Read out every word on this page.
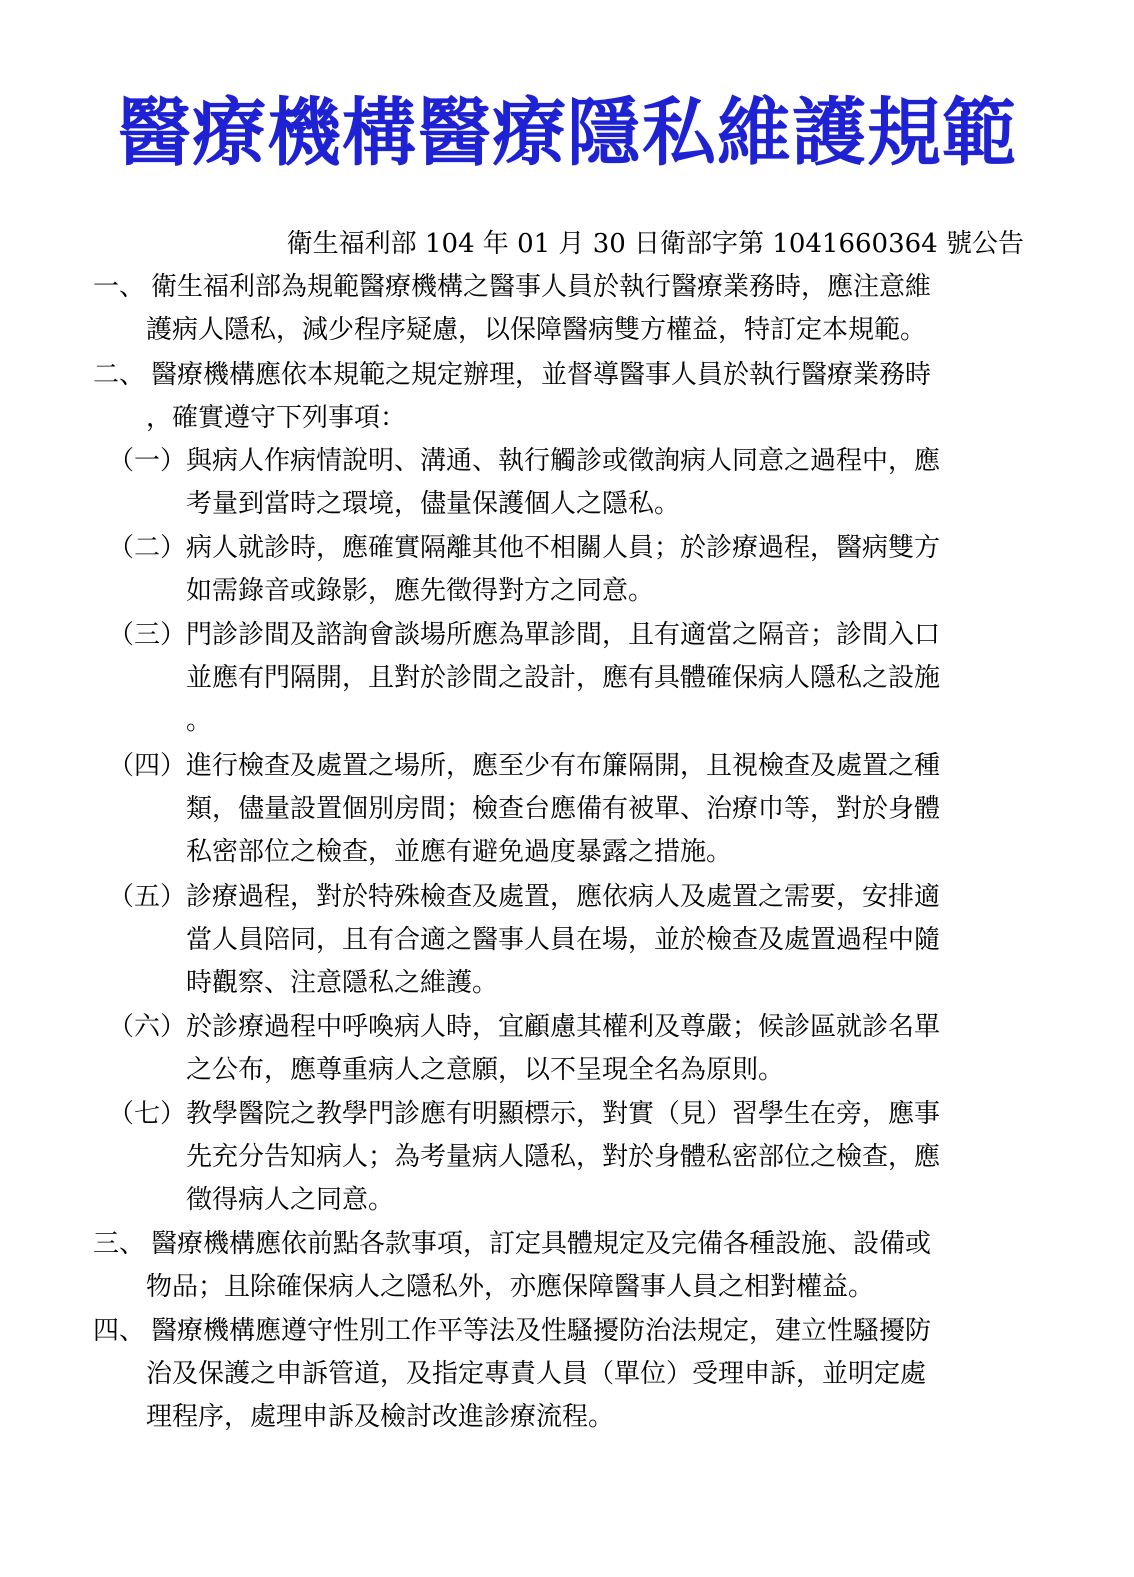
醫療機構醫療隱私維護規範
衛生福利部 104 年 01 月 30 日衛部字第 1041660364 號公告
一、 衛生福利部為規範醫療機構之醫事人員於執行醫療業務時，應注意維
護病人隱私，減少程序疑慮，以保障醫病雙方權益，特訂定本規範。
二、 醫療機構應依本規範之規定辦理，並督導醫事人員於執行醫療業務時
，確實遵守下列事項：
（一）與病人作病情說明、溝通、執行觸診或徵詢病人同意之過程中，應
考量到當時之環境，儘量保護個人之隱私。
（二）病人就診時，應確實隔離其他不相關人員；於診療過程，醫病雙方
如需錄音或錄影，應先徵得對方之同意。
（三）門診診間及諮詢會談場所應為單診間，且有適當之隔音；診間入口
並應有門隔開，且對於診間之設計，應有具體確保病人隱私之設施
。
（四）進行檢查及處置之場所，應至少有布簾隔開，且視檢查及處置之種
類，儘量設置個別房間；檢查台應備有被單、治療巾等，對於身體
私密部位之檢查，並應有避免過度暴露之措施。
（五）診療過程，對於特殊檢查及處置，應依病人及處置之需要，安排適
當人員陪同，且有合適之醫事人員在場，並於檢查及處置過程中隨
時觀察、注意隱私之維護。
（六）於診療過程中呼喚病人時，宜顧慮其權利及尊嚴；候診區就診名單
之公布，應尊重病人之意願，以不呈現全名為原則。
（七）教學醫院之教學門診應有明顯標示，對實（見）習學生在旁，應事
先充分告知病人；為考量病人隱私，對於身體私密部位之檢查，應
徵得病人之同意。
三、 醫療機構應依前點各款事項，訂定具體規定及完備各種設施、設備或
物品；且除確保病人之隱私外，亦應保障醫事人員之相對權益。
四、 醫療機構應遵守性別工作平等法及性騷擾防治法規定，建立性騷擾防
治及保護之申訴管道，及指定專責人員（單位）受理申訴，並明定處
理程序，處理申訴及檢討改進診療流程。
